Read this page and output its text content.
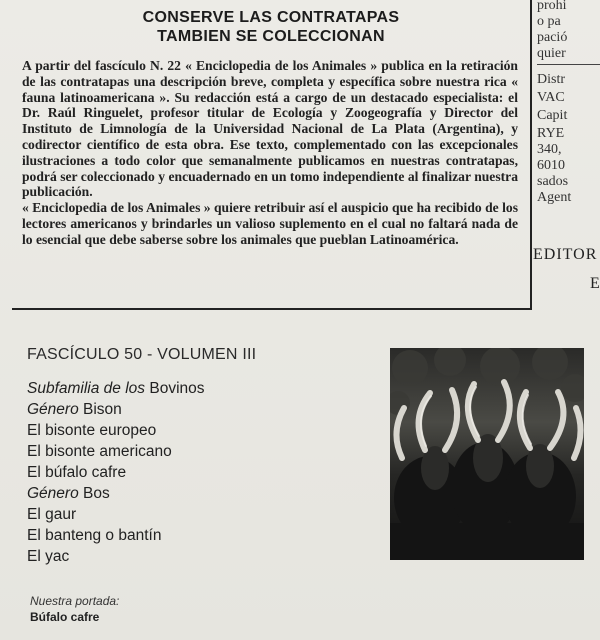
CONSERVE LAS CONTRATAPAS
TAMBIEN SE COLECCIONAN

A partir del fascículo N. 22 « Enciclopedia de los Animales » publica en la retiración de las contratapas una descripción breve, completa y específica sobre nuestra rica « fauna latinoamericana ». Su redacción está a cargo de un destacado especialista: el Dr. Raúl Ringuelet, profesor titular de Ecología y Zoogeografía y Director del Instituto de Limnología de la Universidad Nacional de La Plata (Argentina), y codirector científico de esta obra. Ese texto, complementado con las excepcionales ilustraciones a todo color que semanalmente publicamos en nuestras contratapas, podrá ser coleccionado y encuadernado en un tomo independiente al finalizar nuestra publicación.

« Enciclopedia de los Animales » quiere retribuir así el auspicio que ha recibido de los lectores americanos y brindarles un valioso suplemento en el cual no faltará nada de lo esencial que debe saberse sobre los animales que pueblan Latinoamérica.

prohi
o pa
pació
quier
Distr
VAC
Capit
RYE
340,
6010
sados
Agent
EDITOR
E
FASCÍCULO 50 - VOLUMEN III
Subfamilia de los Bovinos
Género Bison
El bisonte europeo
El bisonte americano
El búfalo cafre
Género Bos
El gaur
El banteng o bantín
El yac
Nuestra portada:
Búfalo cafre
